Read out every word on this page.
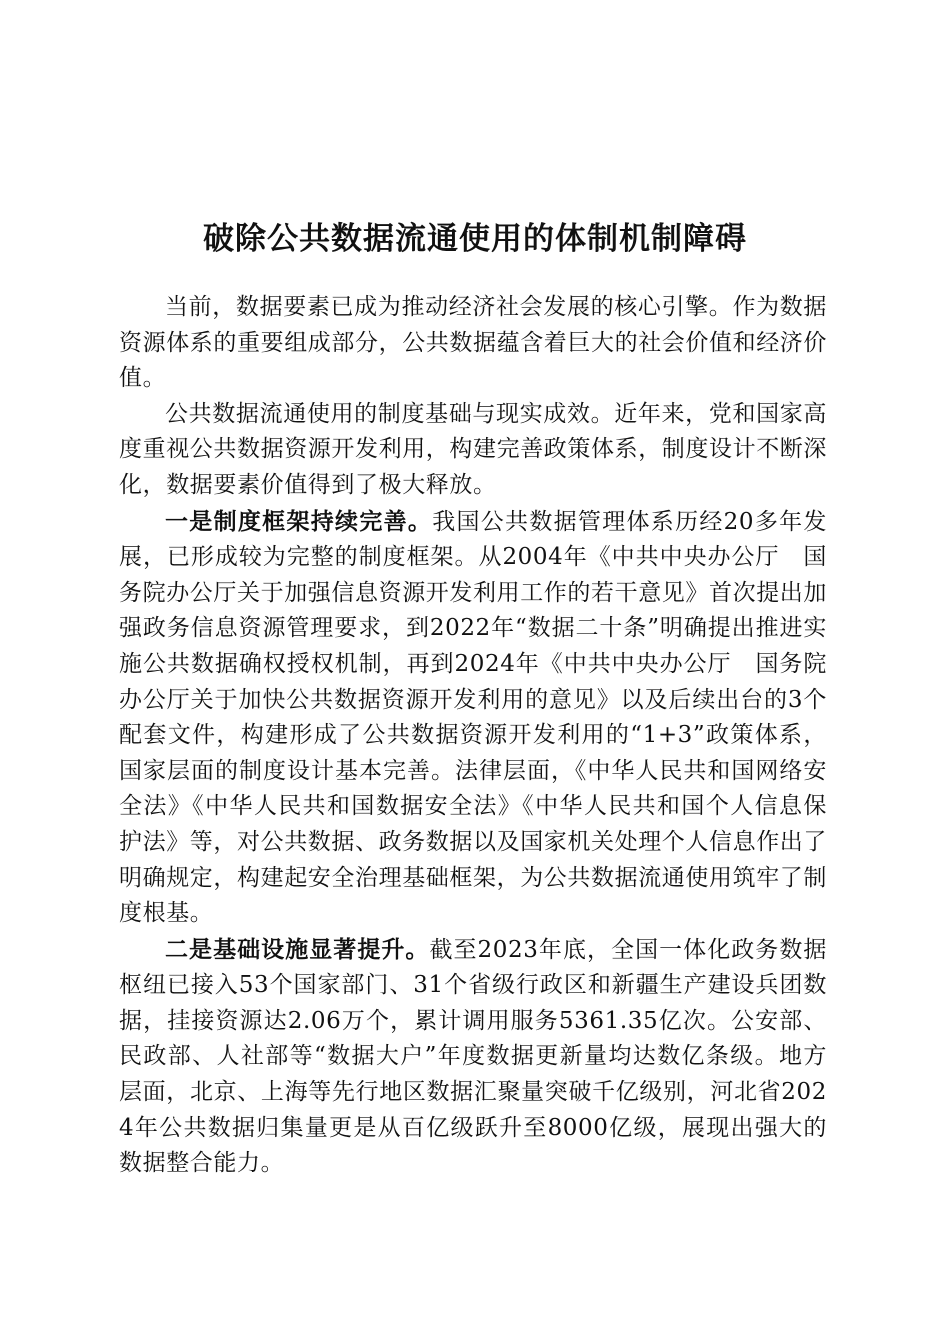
破除公共数据流通使用的体制机制障碍

当前，数据要素已成为推动经济社会发展的核心引擎。作为数据资源体系的重要组成部分，公共数据蕴含着巨大的社会价值和经济价值。

公共数据流通使用的制度基础与现实成效。近年来，党和国家高度重视公共数据资源开发利用，构建完善政策体系，制度设计不断深化，数据要素价值得到了极大释放。

一是制度框架持续完善。我国公共数据管理体系历经20多年发展，已形成较为完整的制度框架。从2004年《中共中央办公厅　国务院办公厅关于加强信息资源开发利用工作的若干意见》首次提出加强政务信息资源管理要求，到2022年“数据二十条”明确提出推进实施公共数据确权授权机制，再到2024年《中共中央办公厅　国务院办公厅关于加快公共数据资源开发利用的意见》以及后续出台的3个配套文件，构建形成了公共数据资源开发利用的“1+3”政策体系，国家层面的制度设计基本完善。法律层面，《中华人民共和国网络安全法》《中华人民共和国数据安全法》《中华人民共和国个人信息保护法》等，对公共数据、政务数据以及国家机关处理个人信息作出了明确规定，构建起安全治理基础框架，为公共数据流通使用筑牢了制度根基。

二是基础设施显著提升。截至2023年底，全国一体化政务数据枢纽已接入53个国家部门、31个省级行政区和新疆生产建设兵团数据，挂接资源达2.06万个，累计调用服务5361.35亿次。公安部、民政部、人社部等“数据大户”年度数据更新量均达数亿条级。地方层面，北京、上海等先行地区数据汇聚量突破千亿级别，河北省2024年公共数据归集量更是从百亿级跃升至8000亿级，展现出强大的数据整合能力。
